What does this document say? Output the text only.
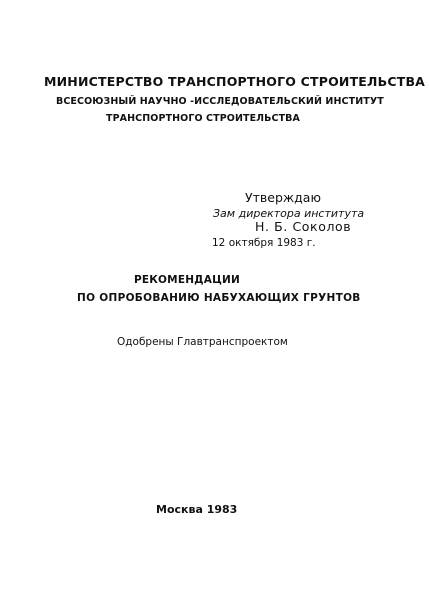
МИНИСТЕРСТВО ТРАНСПОРТНОГО СТРОИТЕЛЬСТВА
ВСЕСОЮЗНЫЙ НАУЧНО -ИССЛЕДОВАТЕЛЬСКИЙ ИНСТИТУТ
ТРАНСПОРТНОГО СТРОИТЕЛЬСТВА
Утверждаю
Зам директора института
Н. Б. Соколов
12 октября 1983 г.
РЕКОМЕНДАЦИИ
ПО ОПРОБОВАНИЮ НАБУХАЮЩИХ ГРУНТОВ
Одобрены Главтранспроектом
Москва 1983
